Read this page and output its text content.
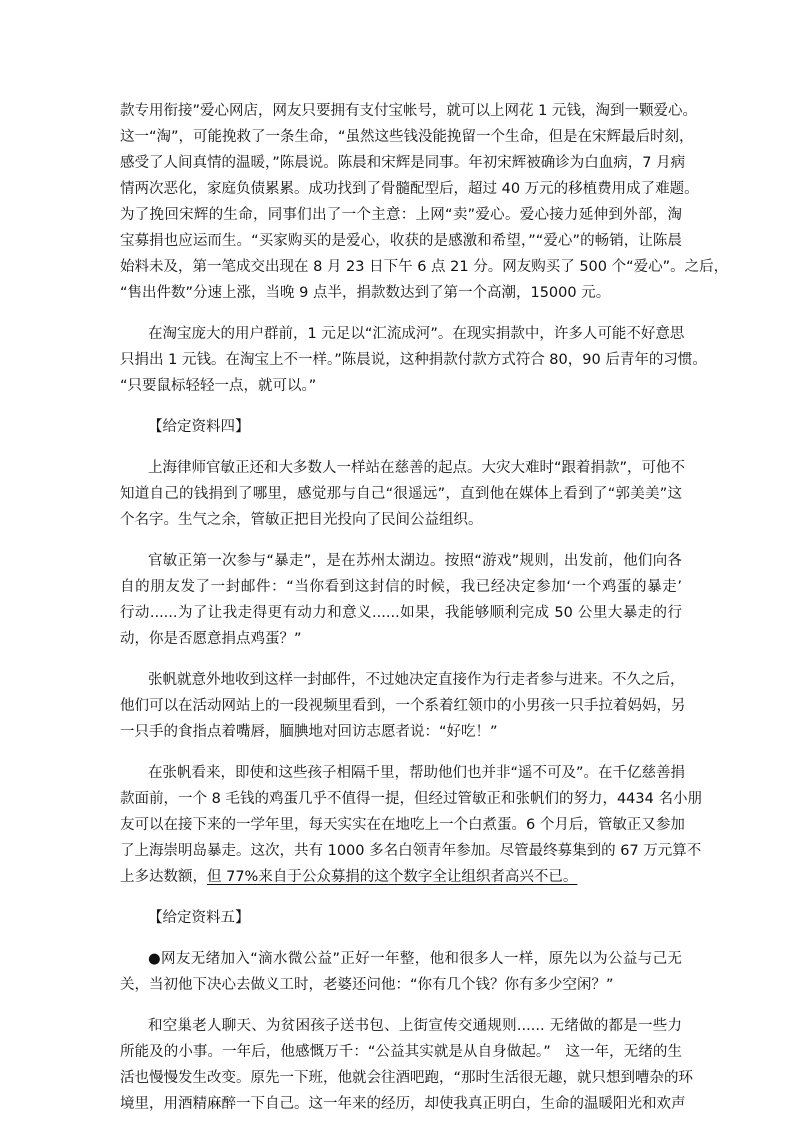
款专用衔接”爱心网店，网友只要拥有支付宝帐号，就可以上网花 1 元钱，淘到一颗爱心。
这一“淘”，可能挽救了一条生命，“虽然这些钱没能挽留一个生命，但是在宋辉最后时刻，
感受了人间真情的温暖，”陈晨说。陈晨和宋辉是同事。年初宋辉被确诊为白血病，7 月病
情两次恶化，家庭负债累累。成功找到了骨髓配型后，超过 40 万元的移植费用成了难题。
为了挽回宋辉的生命，同事们出了一个主意：上网“卖”爱心。爱心接力延伸到外部，淘
宝募捐也应运而生。“买家购买的是爱心，收获的是感激和希望，”“爱心”的畅销，让陈晨
始料未及，第一笔成交出现在 8 月 23 日下午 6 点 21 分。网友购买了 500 个“爱心”。之后，
“售出件数”分速上涨，当晚 9 点半，捐款数达到了第一个高潮，15000 元。
在淘宝庞大的用户群前，1 元足以“汇流成河”。在现实捐款中，许多人可能不好意思
只捐出 1 元钱。在淘宝上不一样。”陈晨说，这种捐款付款方式符合 80，90 后青年的习惯。
“只要鼠标轻轻一点，就可以。”
【给定资料四】
上海律师官敏正还和大多数人一样站在慈善的起点。大灾大难时“跟着捐款”，可他不
知道自己的钱捐到了哪里，感觉那与自己“很遥远”，直到他在媒体上看到了“郭美美”这
个名字。生气之余，管敏正把目光投向了民间公益组织。
官敏正第一次参与“暴走”，是在苏州太湖边。按照“游戏”规则，出发前，他们向各
自的朋友发了一封邮件：“当你看到这封信的时候，我已经决定参加‘一个鸡蛋的暴走’
行动......为了让我走得更有动力和意义......如果，我能够顺利完成 50 公里大暴走的行
动，你是否愿意捐点鸡蛋？”
张帆就意外地收到这样一封邮件，不过她决定直接作为行走者参与进来。不久之后，
他们可以在活动网站上的一段视频里看到，一个系着红领巾的小男孩一只手拉着妈妈，另
一只手的食指点着嘴唇，腼腆地对回访志愿者说：“好吃！”
在张帆看来，即使和这些孩子相隔千里，帮助他们也并非“遥不可及”。在千亿慈善捐
款面前，一个 8 毛钱的鸡蛋几乎不值得一提，但经过管敏正和张帆们的努力，4434 名小朋
友可以在接下来的一学年里，每天实实在在地吃上一个白煮蛋。6 个月后，管敏正又参加
了上海崇明岛暴走。这次，共有 1000 多名白领青年参加。尽管最终募集到的 67 万元算不
上多达数额，但 77%来自于公众募捐的这个数字全让组织者高兴不已。
【给定资料五】
●网友无绪加入“滴水微公益”正好一年整，他和很多人一样，原先以为公益与己无
关，当初他下决心去做义工时，老婆还问他：“你有几个钱？你有多少空闲？”
和空巢老人聊天、为贫困孩子送书包、上街宣传交通规则...... 无绪做的都是一些力
所能及的小事。一年后，他感慨万千：“公益其实就是从自身做起。”　这一年，无绪的生
活也慢慢发生改变。原先一下班，他就会往酒吧跑，“那时生活很无趣，就只想到嘈杂的环
境里，用酒精麻醉一下自己。这一年来的经历，却使我真正明白，生命的温暖阳光和欢声
